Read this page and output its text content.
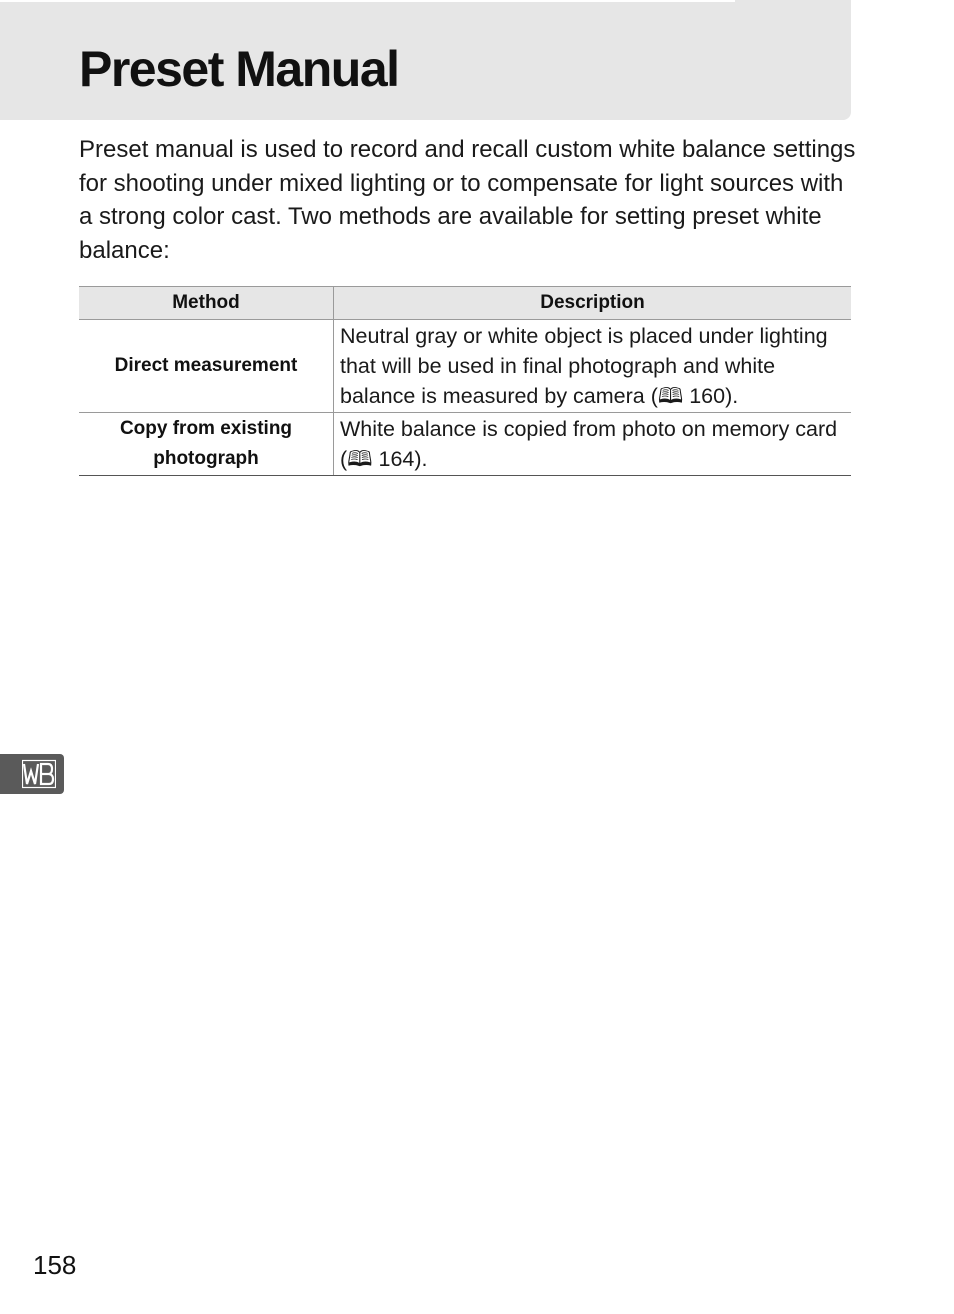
Preset Manual

Preset manual is used to record and recall custom white balance settings for shooting under mixed lighting or to compensate for light sources with a strong color cast. Two methods are available for setting preset white balance:

Method	Description
Direct measurement	Neutral gray or white object is placed under lighting that will be used in final photograph and white balance is measured by camera (🕮 160).
Copy from existing photograph	White balance is copied from photo on memory card (🕮 164).

158
